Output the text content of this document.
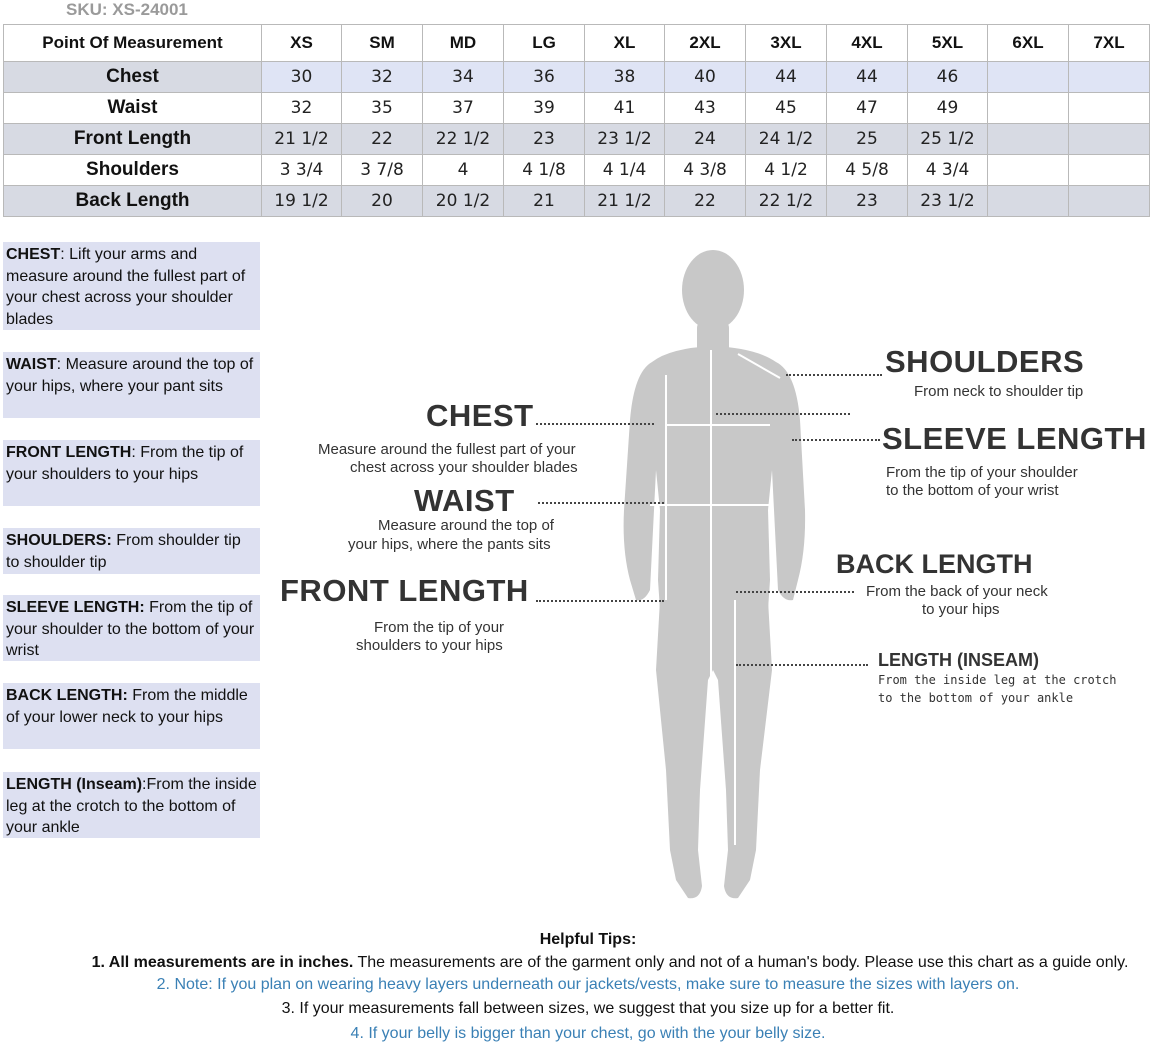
SKU: XS-24001
Point Of Measurement	XS	SM	MD	LG	XL	2XL	3XL	4XL	5XL	6XL	7XL
Chest	30	32	34	36	38	40	44	44	46		
Waist	32	35	37	39	41	43	45	47	49		
Front Length	21 1/2	22	22 1/2	23	23 1/2	24	24 1/2	25	25 1/2		
Shoulders	3 3/4	3 7/8	4	4 1/8	4 1/4	4 3/8	4 1/2	4 5/8	4 3/4		
Back Length	19 1/2	20	20 1/2	21	21 1/2	22	22 1/2	23	23 1/2		
CHEST: Lift your arms and measure around the fullest part of your chest across your shoulder blades
WAIST: Measure around the top of your hips, where your pant sits
FRONT LENGTH: From the tip of your shoulders to your hips
SHOULDERS: From shoulder tip to shoulder tip
SLEEVE LENGTH: From the tip of your shoulder to the bottom of your wrist
BACK LENGTH: From the middle of your lower neck to your hips
LENGTH (Inseam):From the inside leg at the crotch to the bottom of your ankle
CHEST
Measure around the fullest part of your
chest across your shoulder blades
WAIST
Measure around the top of
your hips, where the pants sits
FRONT LENGTH
From the tip of your
shoulders to your hips
SHOULDERS
From neck to shoulder tip
SLEEVE LENGTH
From the tip of your shoulder
to the bottom of your wrist
BACK LENGTH
From the back of your neck
to your hips
LENGTH (INSEAM)
From the inside leg at the crotch
to the bottom of your ankle
Helpful Tips:
1. All measurements are in inches. The measurements are of the garment only and not of a human's body. Please use this chart as a guide only.
2. Note: If you plan on wearing heavy layers underneath our jackets/vests, make sure to measure the sizes with layers on.
3. If your measurements fall between sizes, we suggest that you size up for a better fit.
4. If your belly is bigger than your chest, go with the your belly size.
